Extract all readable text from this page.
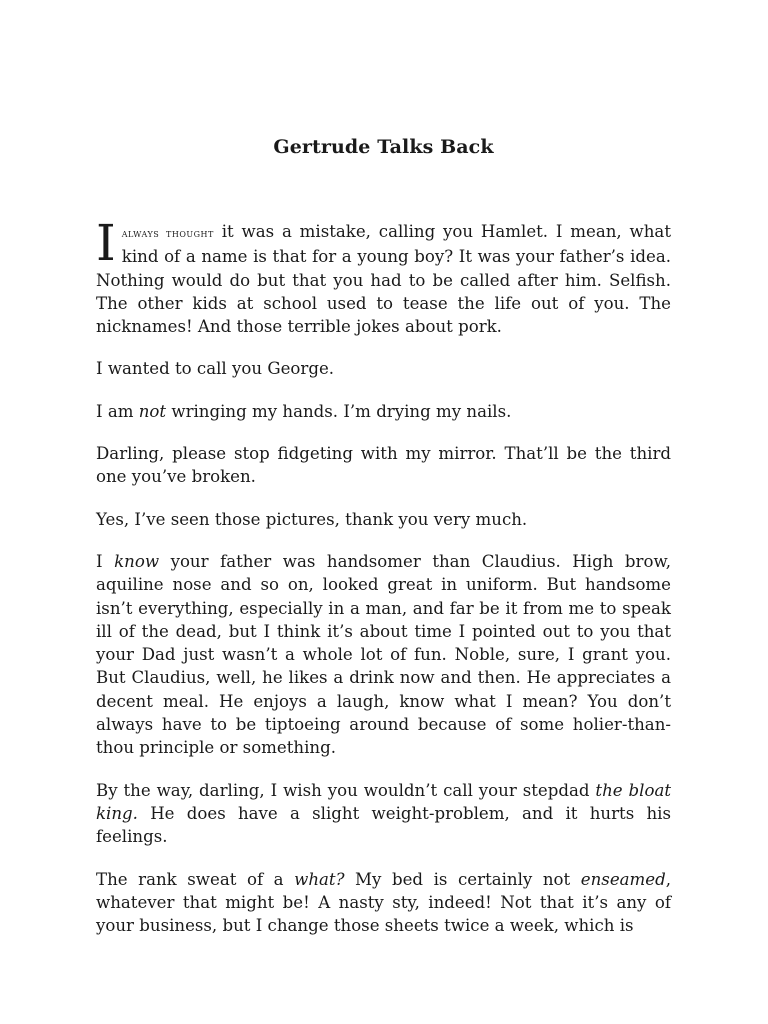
Gertrude Talks Back

Ialways thought it was a mistake, calling you Hamlet. I mean, what kind of a name is that for a young boy? It was your father’s idea. Nothing would do but that you had to be called after him. Selfish. The other kids at school used to tease the life out of you. The nicknames! And those terrible jokes about pork.

I wanted to call you George.

I am not wringing my hands. I’m drying my nails.

Darling, please stop fidgeting with my mirror. That’ll be the third one you’ve broken.

Yes, I’ve seen those pictures, thank you very much.

I know your father was handsomer than Claudius. High brow, aquiline nose and so on, looked great in uniform. But handsome isn’t everything, especially in a man, and far be it from me to speak ill of the dead, but I think it’s about time I pointed out to you that your Dad just wasn’t a whole lot of fun. Noble, sure, I grant you. But Claudius, well, he likes a drink now and then. He appreciates a decent meal. He enjoys a laugh, know what I mean? You don’t always have to be tiptoeing around because of some holier-than-thou principle or something.

By the way, darling, I wish you wouldn’t call your stepdad the bloat king. He does have a slight weight-problem, and it hurts his feelings.

The rank sweat of a what? My bed is certainly not enseamed, whatever that might be! A nasty sty, indeed! Not that it’s any of your business, but I change those sheets twice a week, which is
